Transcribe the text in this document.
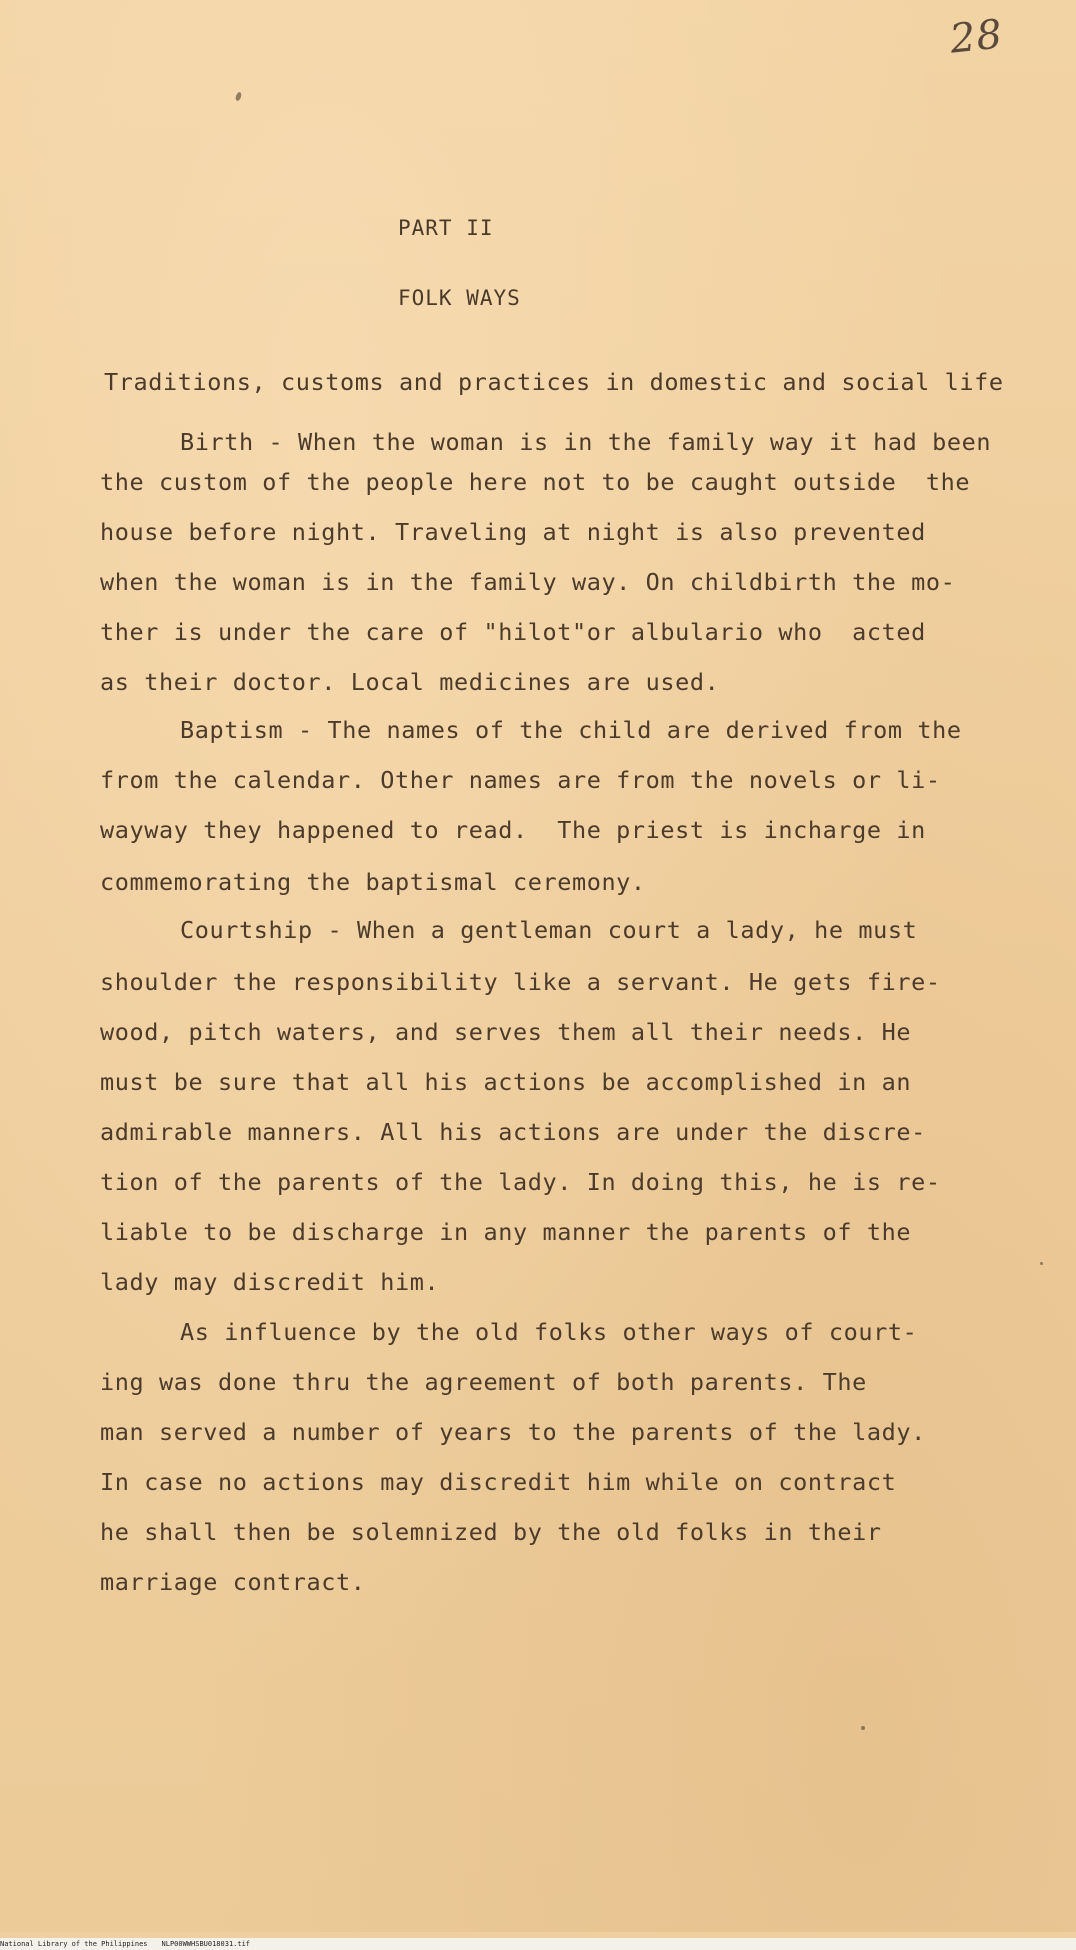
28
PART II
FOLK WAYS
Traditions, customs and practices in domestic and social life
Birth - When the woman is in the family way it had been
the custom of the people here not to be caught outside  the
house before night. Traveling at night is also prevented
when the woman is in the family way. On childbirth the mo-
ther is under the care of "hilot"or albulario who  acted
as their doctor. Local medicines are used.
Baptism - The names of the child are derived from the
from the calendar. Other names are from the novels or li-
wayway they happened to read.  The priest is incharge in
commemorating the baptismal ceremony.
Courtship - When a gentleman court a lady, he must
shoulder the responsibility like a servant. He gets fire-
wood, pitch waters, and serves them all their needs. He
must be sure that all his actions be accomplished in an
admirable manners. All his actions are under the discre-
tion of the parents of the lady. In doing this, he is re-
liable to be discharge in any manner the parents of the
lady may discredit him.
As influence by the old folks other ways of court-
ing was done thru the agreement of both parents. The
man served a number of years to the parents of the lady.
In case no actions may discredit him while on contract
he shall then be solemnized by the old folks in their
marriage contract.
National Library of the Philippines NLP00WWHSBU018031.tif
